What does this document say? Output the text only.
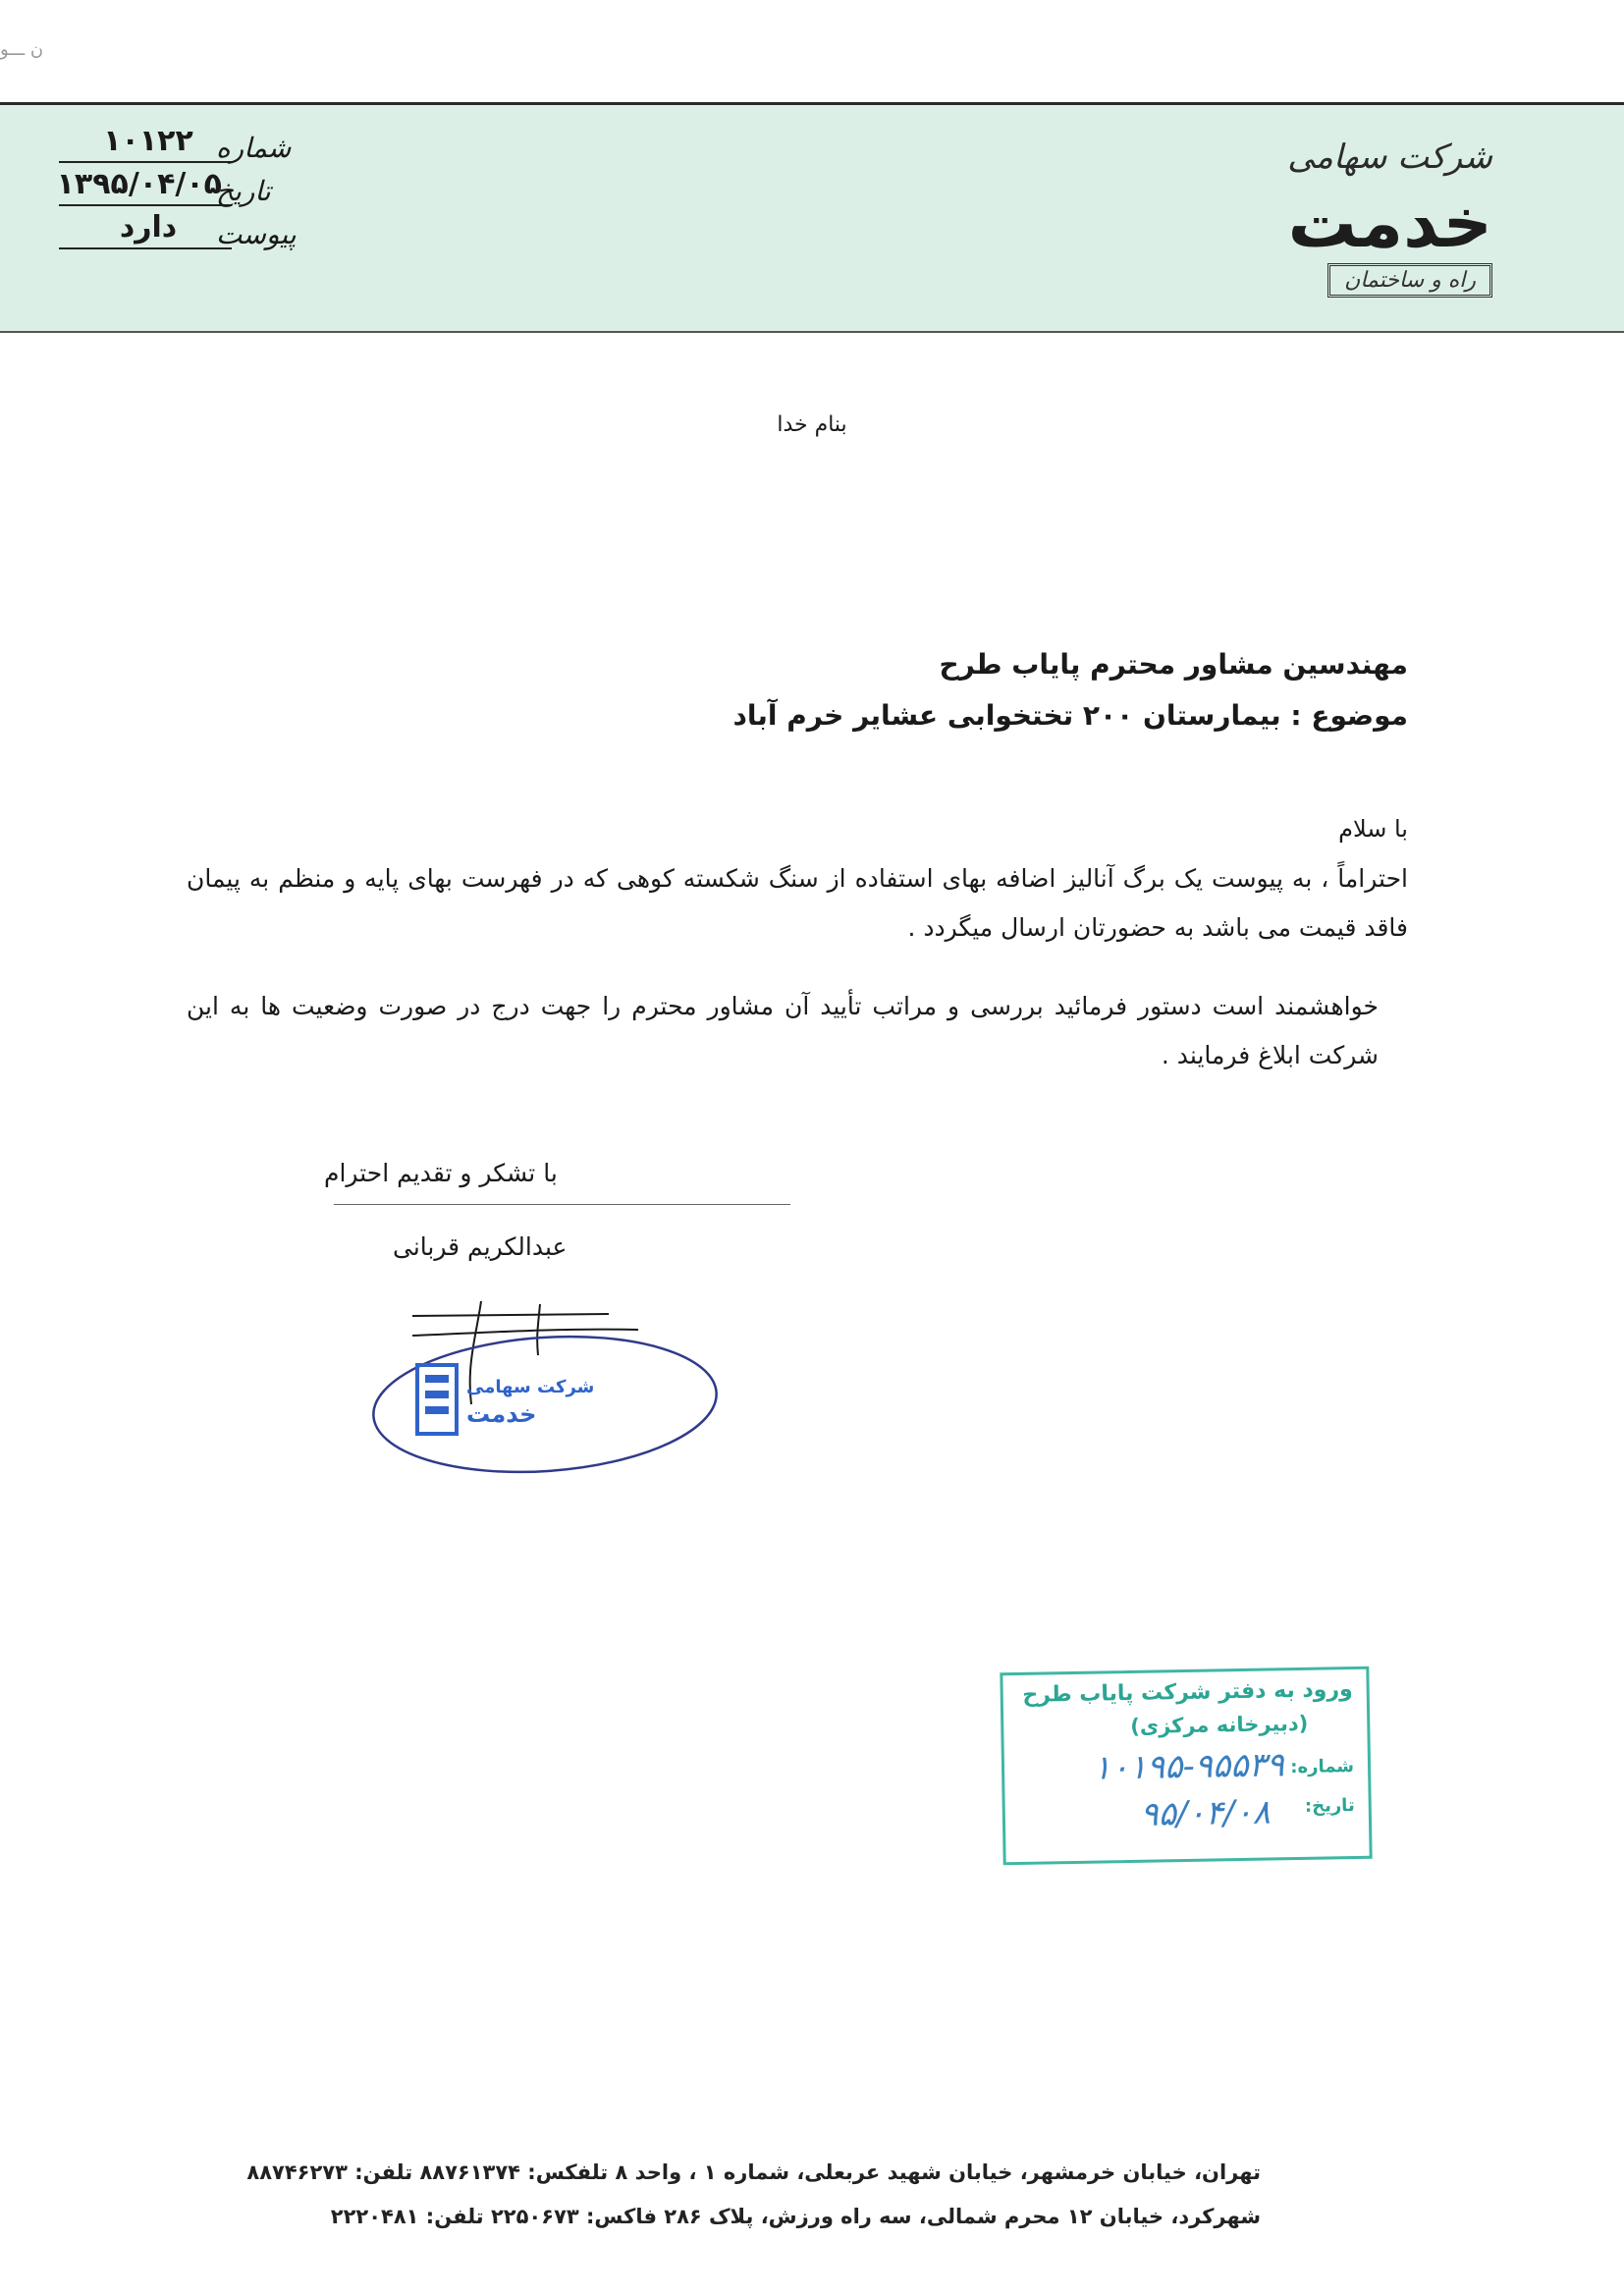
ن ـــو
شرکت سهامی
خدمت
راه و ساختمان
۱۰۱۲۲ شماره
۱۳۹۵/۰۴/۰۵
تاریخ
دارد	پیوست
بنام خدا
مهندسین مشاور محترم پایاب طرح
موضوع : بیمارستان ۲۰۰ تختخوابی عشایر خرم آباد
با سلام
احتراماً ، به پیوست یک برگ آنالیز اضافه بهای استفاده از سنگ شکسته کوهی که در فهرست بهای پایه و منظم به پیمان فاقد قیمت می باشد به حضورتان ارسال میگردد .
خواهشمند است دستور فرمائید بررسی و مراتب تأیید آن مشاور محترم را جهت درج در صورت وضعیت ها به این شرکت ابلاغ فرمایند .
با تشکر و تقدیم احترام
عبدالکریم قربانی
شرکت سهامی
خدمت
ورود به دفتر شرکت پایاب طرح
(دبیرخانه مرکزی)
شماره:
۱۰۱۹۵-۹۵۵۳۹
تاریخ:
۹۵/۰۴/۰۸
تهران، خیابان خرمشهر، خیابان شهید عربعلی، شماره ۱ ، واحد ۸ تلفکس: ۸۸۷۶۱۳۷۴ تلفن: ۸۸۷۴۶۲۷۳
شهرکرد، خیابان ۱۲ محرم شمالی، سه راه ورزش، پلاک ۲۸۶ فاکس: ۲۲۵۰۶۷۳ تلفن: ۲۲۲۰۴۸۱
